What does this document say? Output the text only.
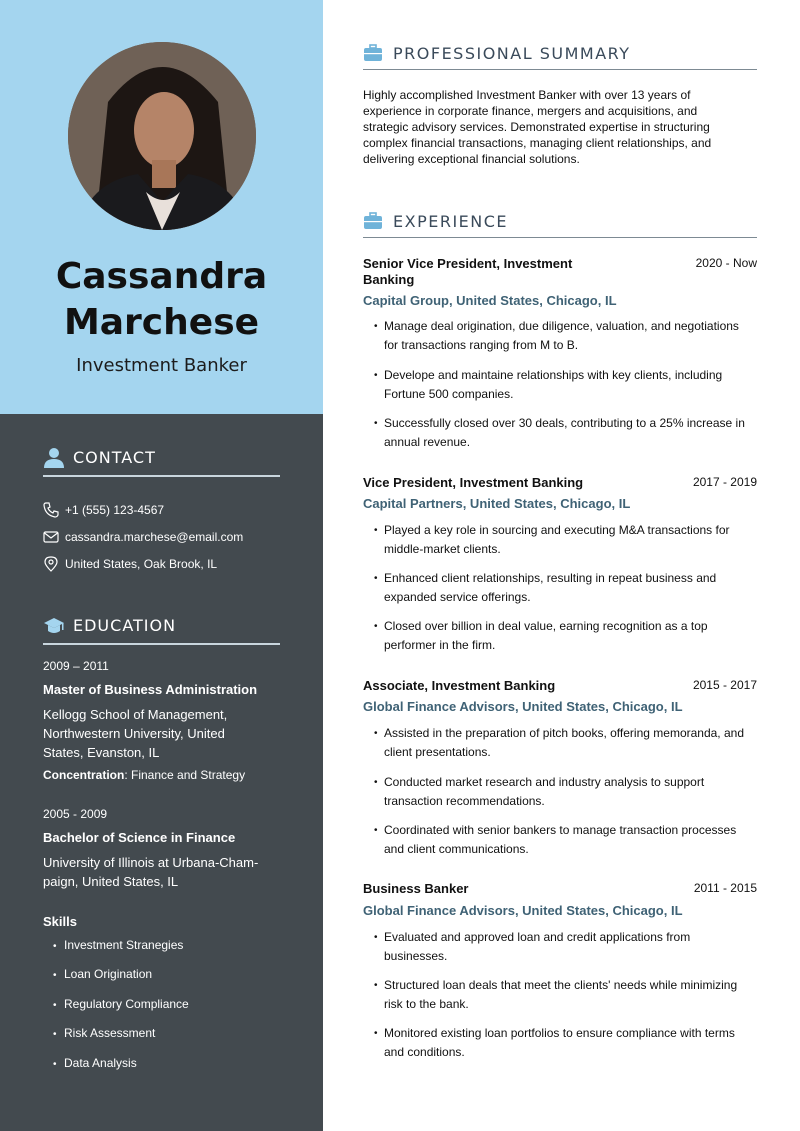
Cassandra
Marchese
Investment Banker
CONTACT
+1 (555) 123-4567
cassandra.marchese@email.com
United States, Oak Brook, IL
EDUCATION
2009 – 2011
Master of Business Administration
Kellogg School of Management,
Northwestern University, United
States, Evanston, IL
Concentration: Finance and Strategy
2005 - 2009
Bachelor of Science in Finance
University of Illinois at Urbana-Cham-
paign, United States, IL
Skills
• Investment Stranegies
• Loan Origination
• Regulatory Compliance
• Risk Assessment
• Data Analysis
PROFESSIONAL SUMMARY
Highly accomplished Investment Banker with over 13 years of
experience in corporate finance, mergers and acquisitions, and
strategic advisory services. Demonstrated expertise in structuring
complex financial transactions, managing client relationships, and
delivering exceptional financial solutions.
EXPERIENCE
Senior Vice President, Investment
Banking
2020 - Now
Capital Group, United States, Chicago, IL
• Manage deal origination, due diligence, valuation, and negotiations
for transactions ranging from M to B.
• Develope and maintaine relationships with key clients, including
Fortune 500 companies.
• Successfully closed over 30 deals, contributing to a 25% increase in
annual revenue.
Vice President, Investment Banking	2017 - 2019
Capital Partners, United States, Chicago, IL
• Played a key role in sourcing and executing M&A transactions for
middle-market clients.
• Enhanced client relationships, resulting in repeat business and
expanded service offerings.
• Closed over billion in deal value, earning recognition as a top
performer in the firm.
Associate, Investment Banking	2015 - 2017
Global Finance Advisors, United States, Chicago, IL
• Assisted in the preparation of pitch books, offering memoranda, and
client presentations.
• Conducted market research and industry analysis to support
transaction recommendations.
• Coordinated with senior bankers to manage transaction processes
and client communications.
Business Banker	2011 - 2015
Global Finance Advisors, United States, Chicago, IL
• Evaluated and approved loan and credit applications from
businesses.
• Structured loan deals that meet the clients' needs while minimizing
risk to the bank.
• Monitored existing loan portfolios to ensure compliance with terms
and conditions.
